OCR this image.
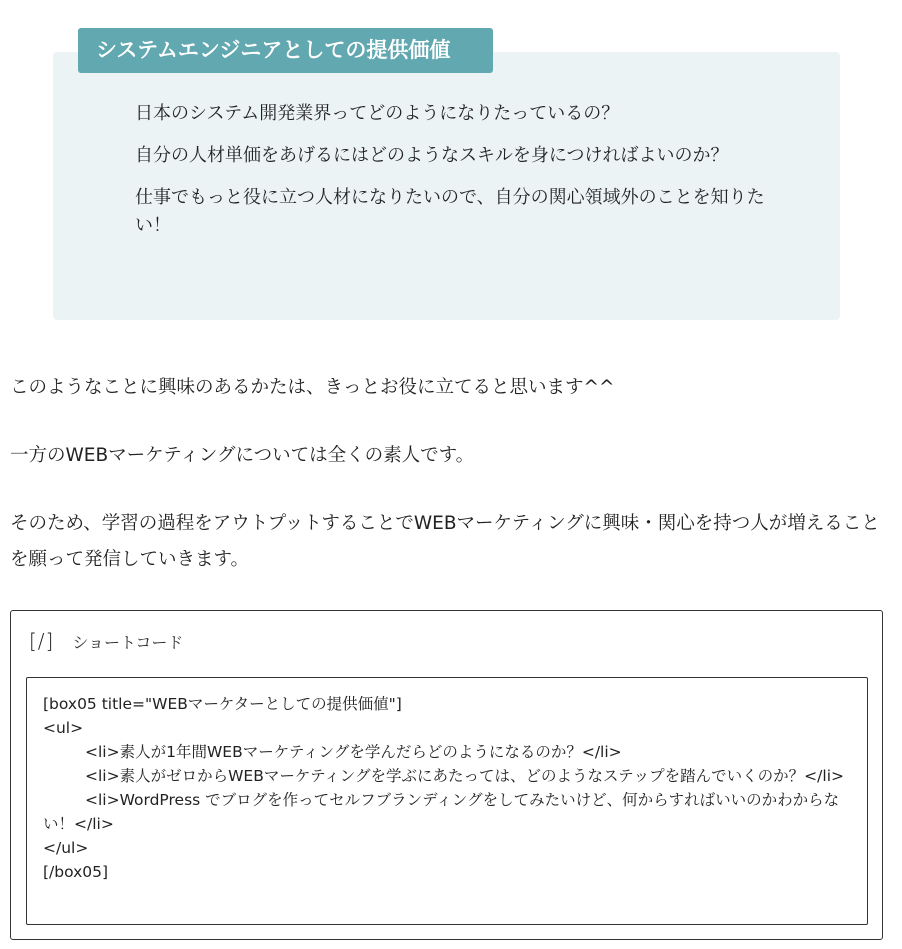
日本のシステム開発業界ってどのようになりたっているの？
自分の人材単価をあげるにはどのようなスキルを身につければよいのか？
仕事でもっと役に立つ人材になりたいので、自分の関心領域外のことを知りたい！
システムエンジニアとしての提供価値

このようなことに興味のあるかたは、きっとお役に立てると思います^^

一方のWEBマーケティングについては全くの素人です。

そのため、学習の過程をアウトプットすることでWEBマーケティングに興味・関心を持つ人が増えることを願って発信していきます。

[/] ショートコード
[box05 title="WEBマーケターとしての提供価値"]
<ul>
<li>素人が1年間WEBマーケティングを学んだらどのようになるのか？</li>
<li>素人がゼロからWEBマーケティングを学ぶにあたっては、どのようなステップを踏んでいくのか？</li>
<li>WordPress でブログを作ってセルフブランディングをしてみたいけど、何からすればいいのかわからない！</li>
</ul>
[/box05]
